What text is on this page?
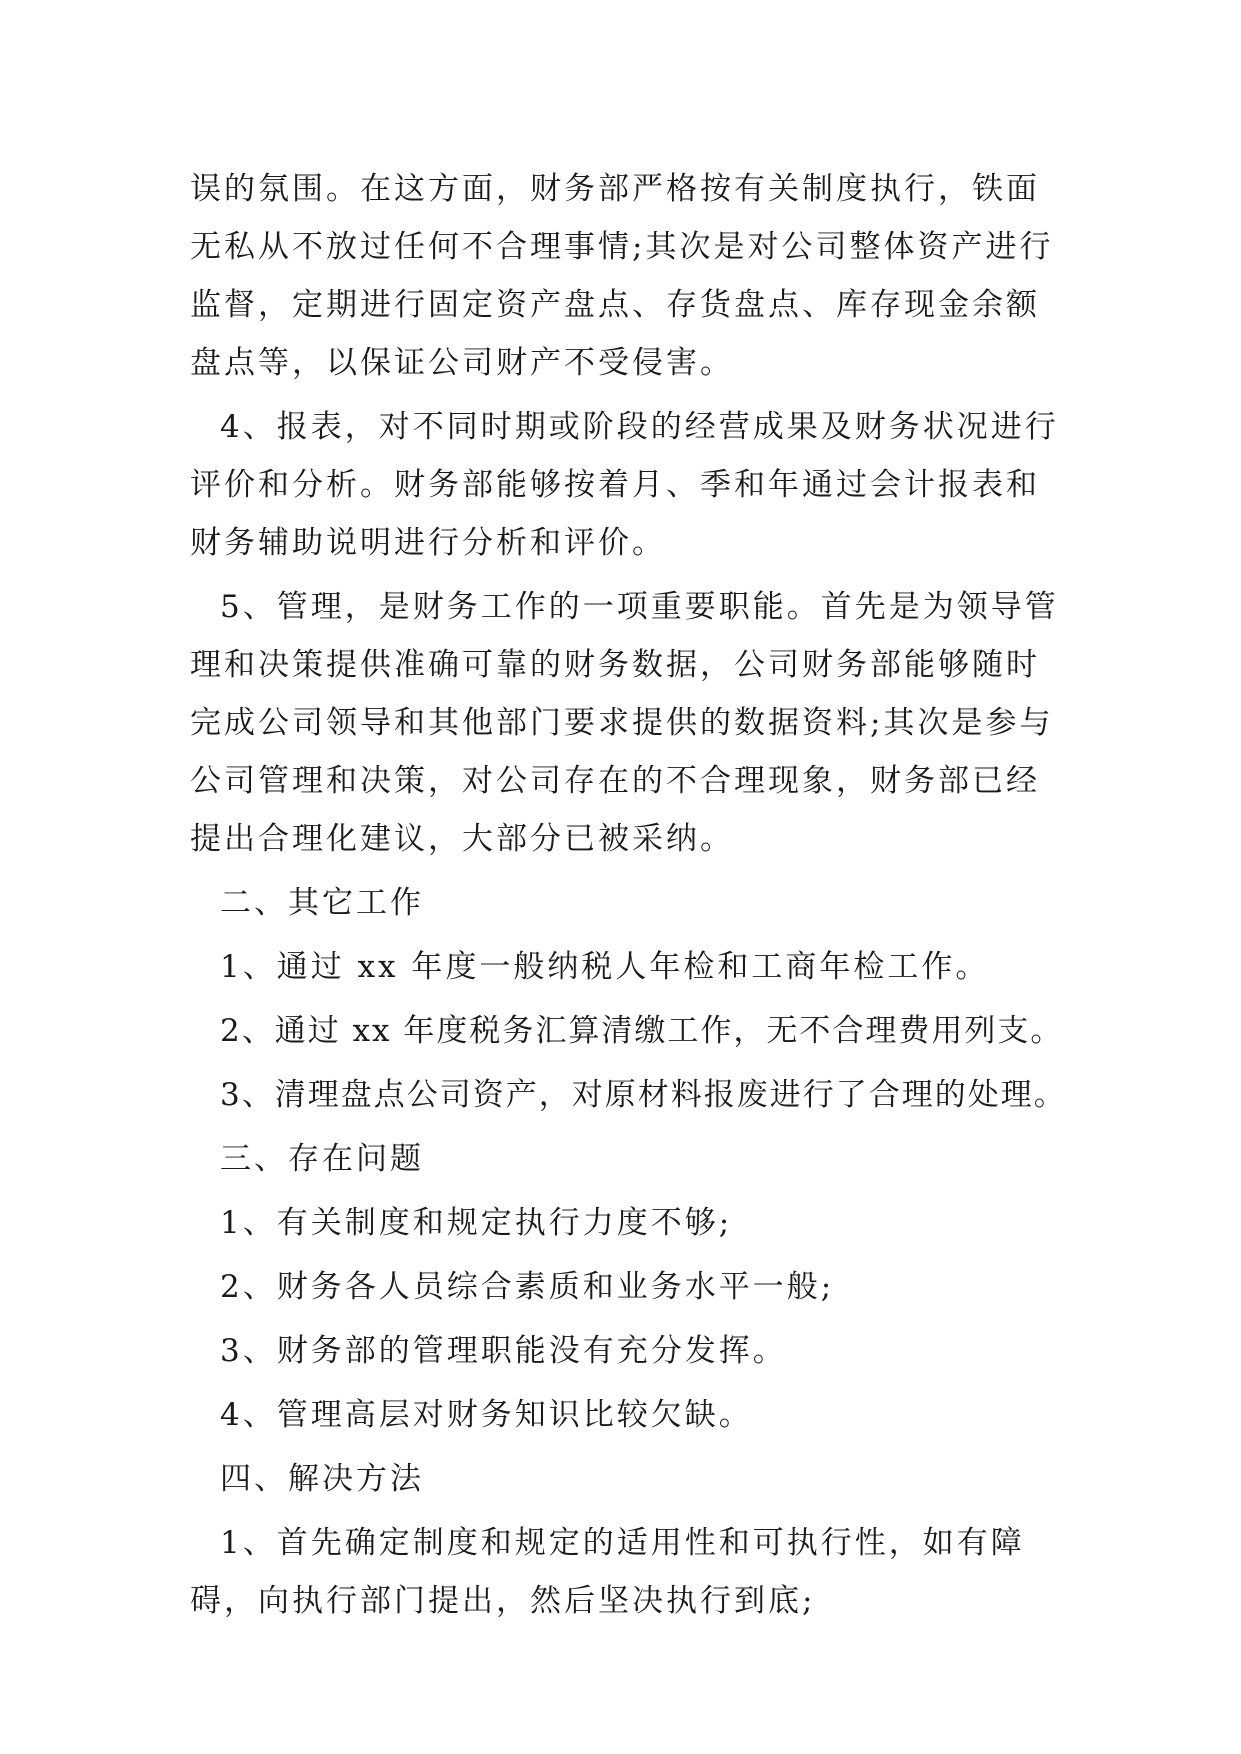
误的氛围。在这方面，财务部严格按有关制度执行，铁面无私从不放过任何不合理事情;其次是对公司整体资产进行监督，定期进行固定资产盘点、存货盘点、库存现金余额盘点等，以保证公司财产不受侵害。

4、报表，对不同时期或阶段的经营成果及财务状况进行评价和分析。财务部能够按着月、季和年通过会计报表和财务辅助说明进行分析和评价。

5、管理，是财务工作的一项重要职能。首先是为领导管理和决策提供准确可靠的财务数据，公司财务部能够随时完成公司领导和其他部门要求提供的数据资料;其次是参与公司管理和决策，对公司存在的不合理现象，财务部已经提出合理化建议，大部分已被采纳。

二、其它工作

1、通过 xx 年度一般纳税人年检和工商年检工作。

2、通过 xx 年度税务汇算清缴工作，无不合理费用列支。

3、清理盘点公司资产，对原材料报废进行了合理的处理。

三、存在问题

1、有关制度和规定执行力度不够;

2、财务各人员综合素质和业务水平一般;

3、财务部的管理职能没有充分发挥。

4、管理高层对财务知识比较欠缺。

四、解决方法

1、首先确定制度和规定的适用性和可执行性，如有障碍，向执行部门提出，然后坚决执行到底;
